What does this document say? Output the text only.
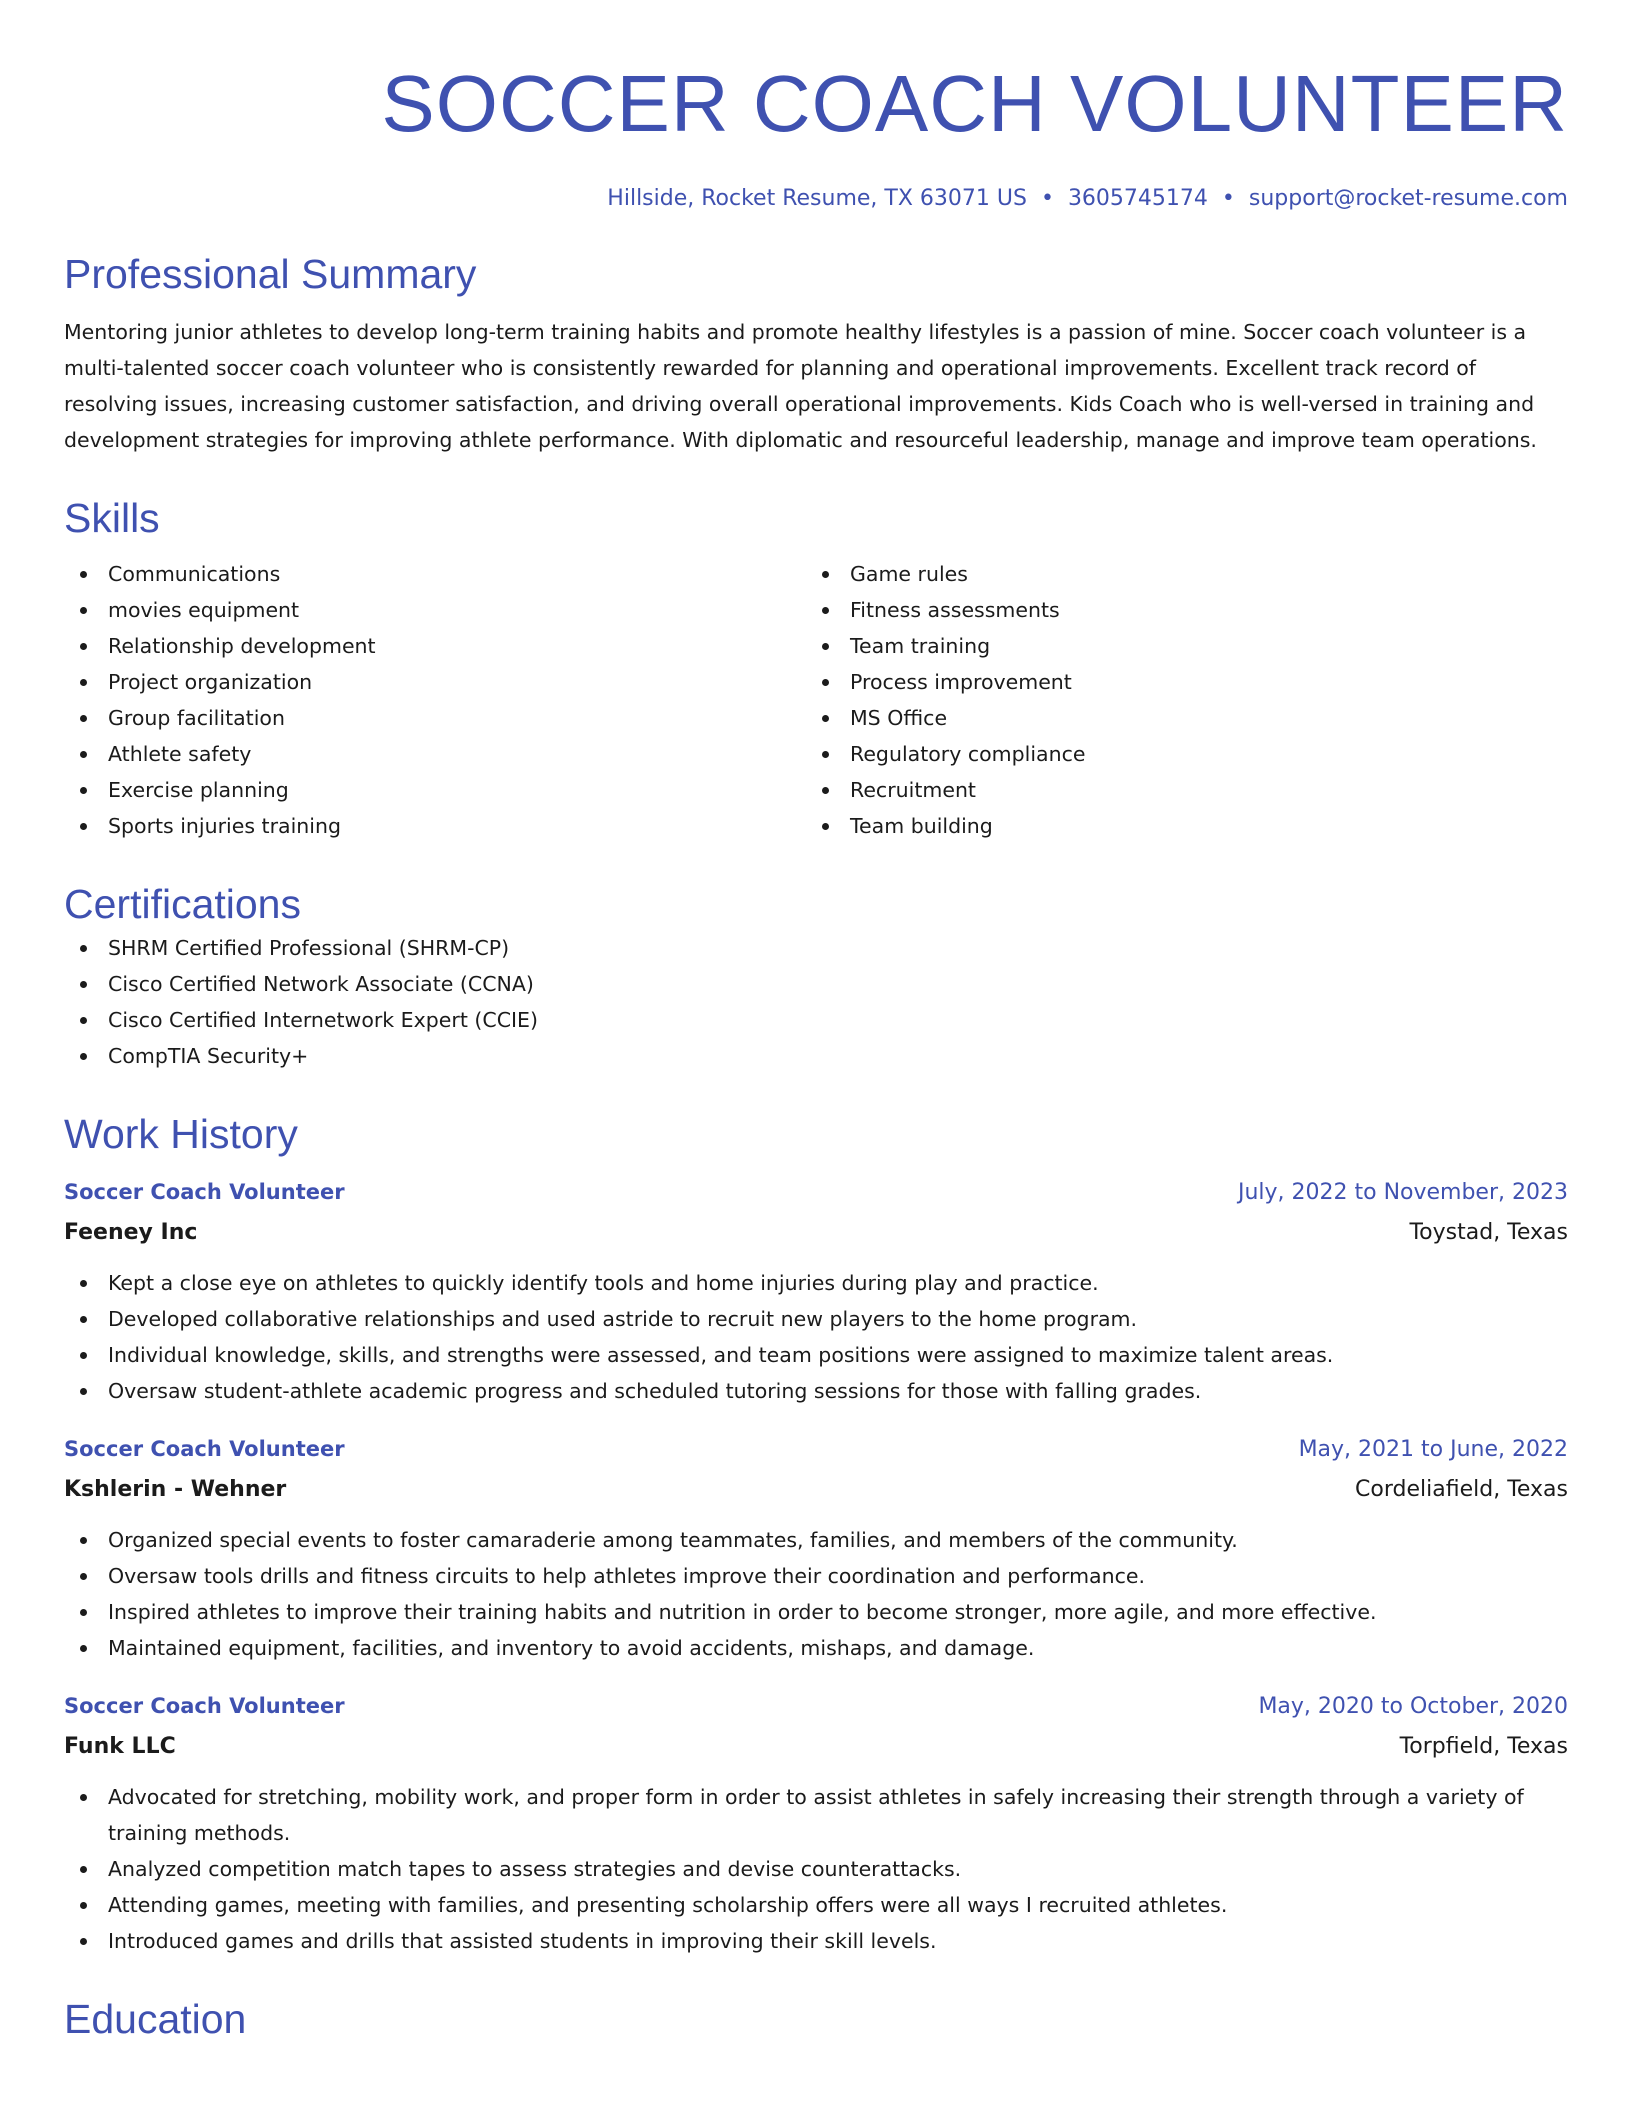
SOCCER COACH VOLUNTEER
Hillside, Rocket Resume, TX 63071 US • 3605745174 • support@rocket-resume.com
Professional Summary
Mentoring junior athletes to develop long-term training habits and promote healthy lifestyles is a passion of mine. Soccer coach volunteer is a multi-talented soccer coach volunteer who is consistently rewarded for planning and operational improvements. Excellent track record of resolving issues, increasing customer satisfaction, and driving overall operational improvements. Kids Coach who is well-versed in training and development strategies for improving athlete performance. With diplomatic and resourceful leadership, manage and improve team operations.
Skills
Communications
movies equipment
Relationship development
Project organization
Group facilitation
Athlete safety
Exercise planning
Sports injuries training
Game rules
Fitness assessments
Team training
Process improvement
MS Office
Regulatory compliance
Recruitment
Team building
Certifications
SHRM Certified Professional (SHRM-CP)
Cisco Certified Network Associate (CCNA)
Cisco Certified Internetwork Expert (CCIE)
CompTIA Security+
Work History
Soccer Coach Volunteer	July, 2022 to November, 2023
Feeney Inc	Toystad, Texas
Kept a close eye on athletes to quickly identify tools and home injuries during play and practice.
Developed collaborative relationships and used astride to recruit new players to the home program.
Individual knowledge, skills, and strengths were assessed, and team positions were assigned to maximize talent areas.
Oversaw student-athlete academic progress and scheduled tutoring sessions for those with falling grades.
Soccer Coach Volunteer	May, 2021 to June, 2022
Kshlerin - Wehner	Cordeliafield, Texas
Organized special events to foster camaraderie among teammates, families, and members of the community.
Oversaw tools drills and fitness circuits to help athletes improve their coordination and performance.
Inspired athletes to improve their training habits and nutrition in order to become stronger, more agile, and more effective.
Maintained equipment, facilities, and inventory to avoid accidents, mishaps, and damage.
Soccer Coach Volunteer	May, 2020 to October, 2020
Funk LLC	Torpfield, Texas
Advocated for stretching, mobility work, and proper form in order to assist athletes in safely increasing their strength through a variety of training methods.
Analyzed competition match tapes to assess strategies and devise counterattacks.
Attending games, meeting with families, and presenting scholarship offers were all ways I recruited athletes.
Introduced games and drills that assisted students in improving their skill levels.
Education
